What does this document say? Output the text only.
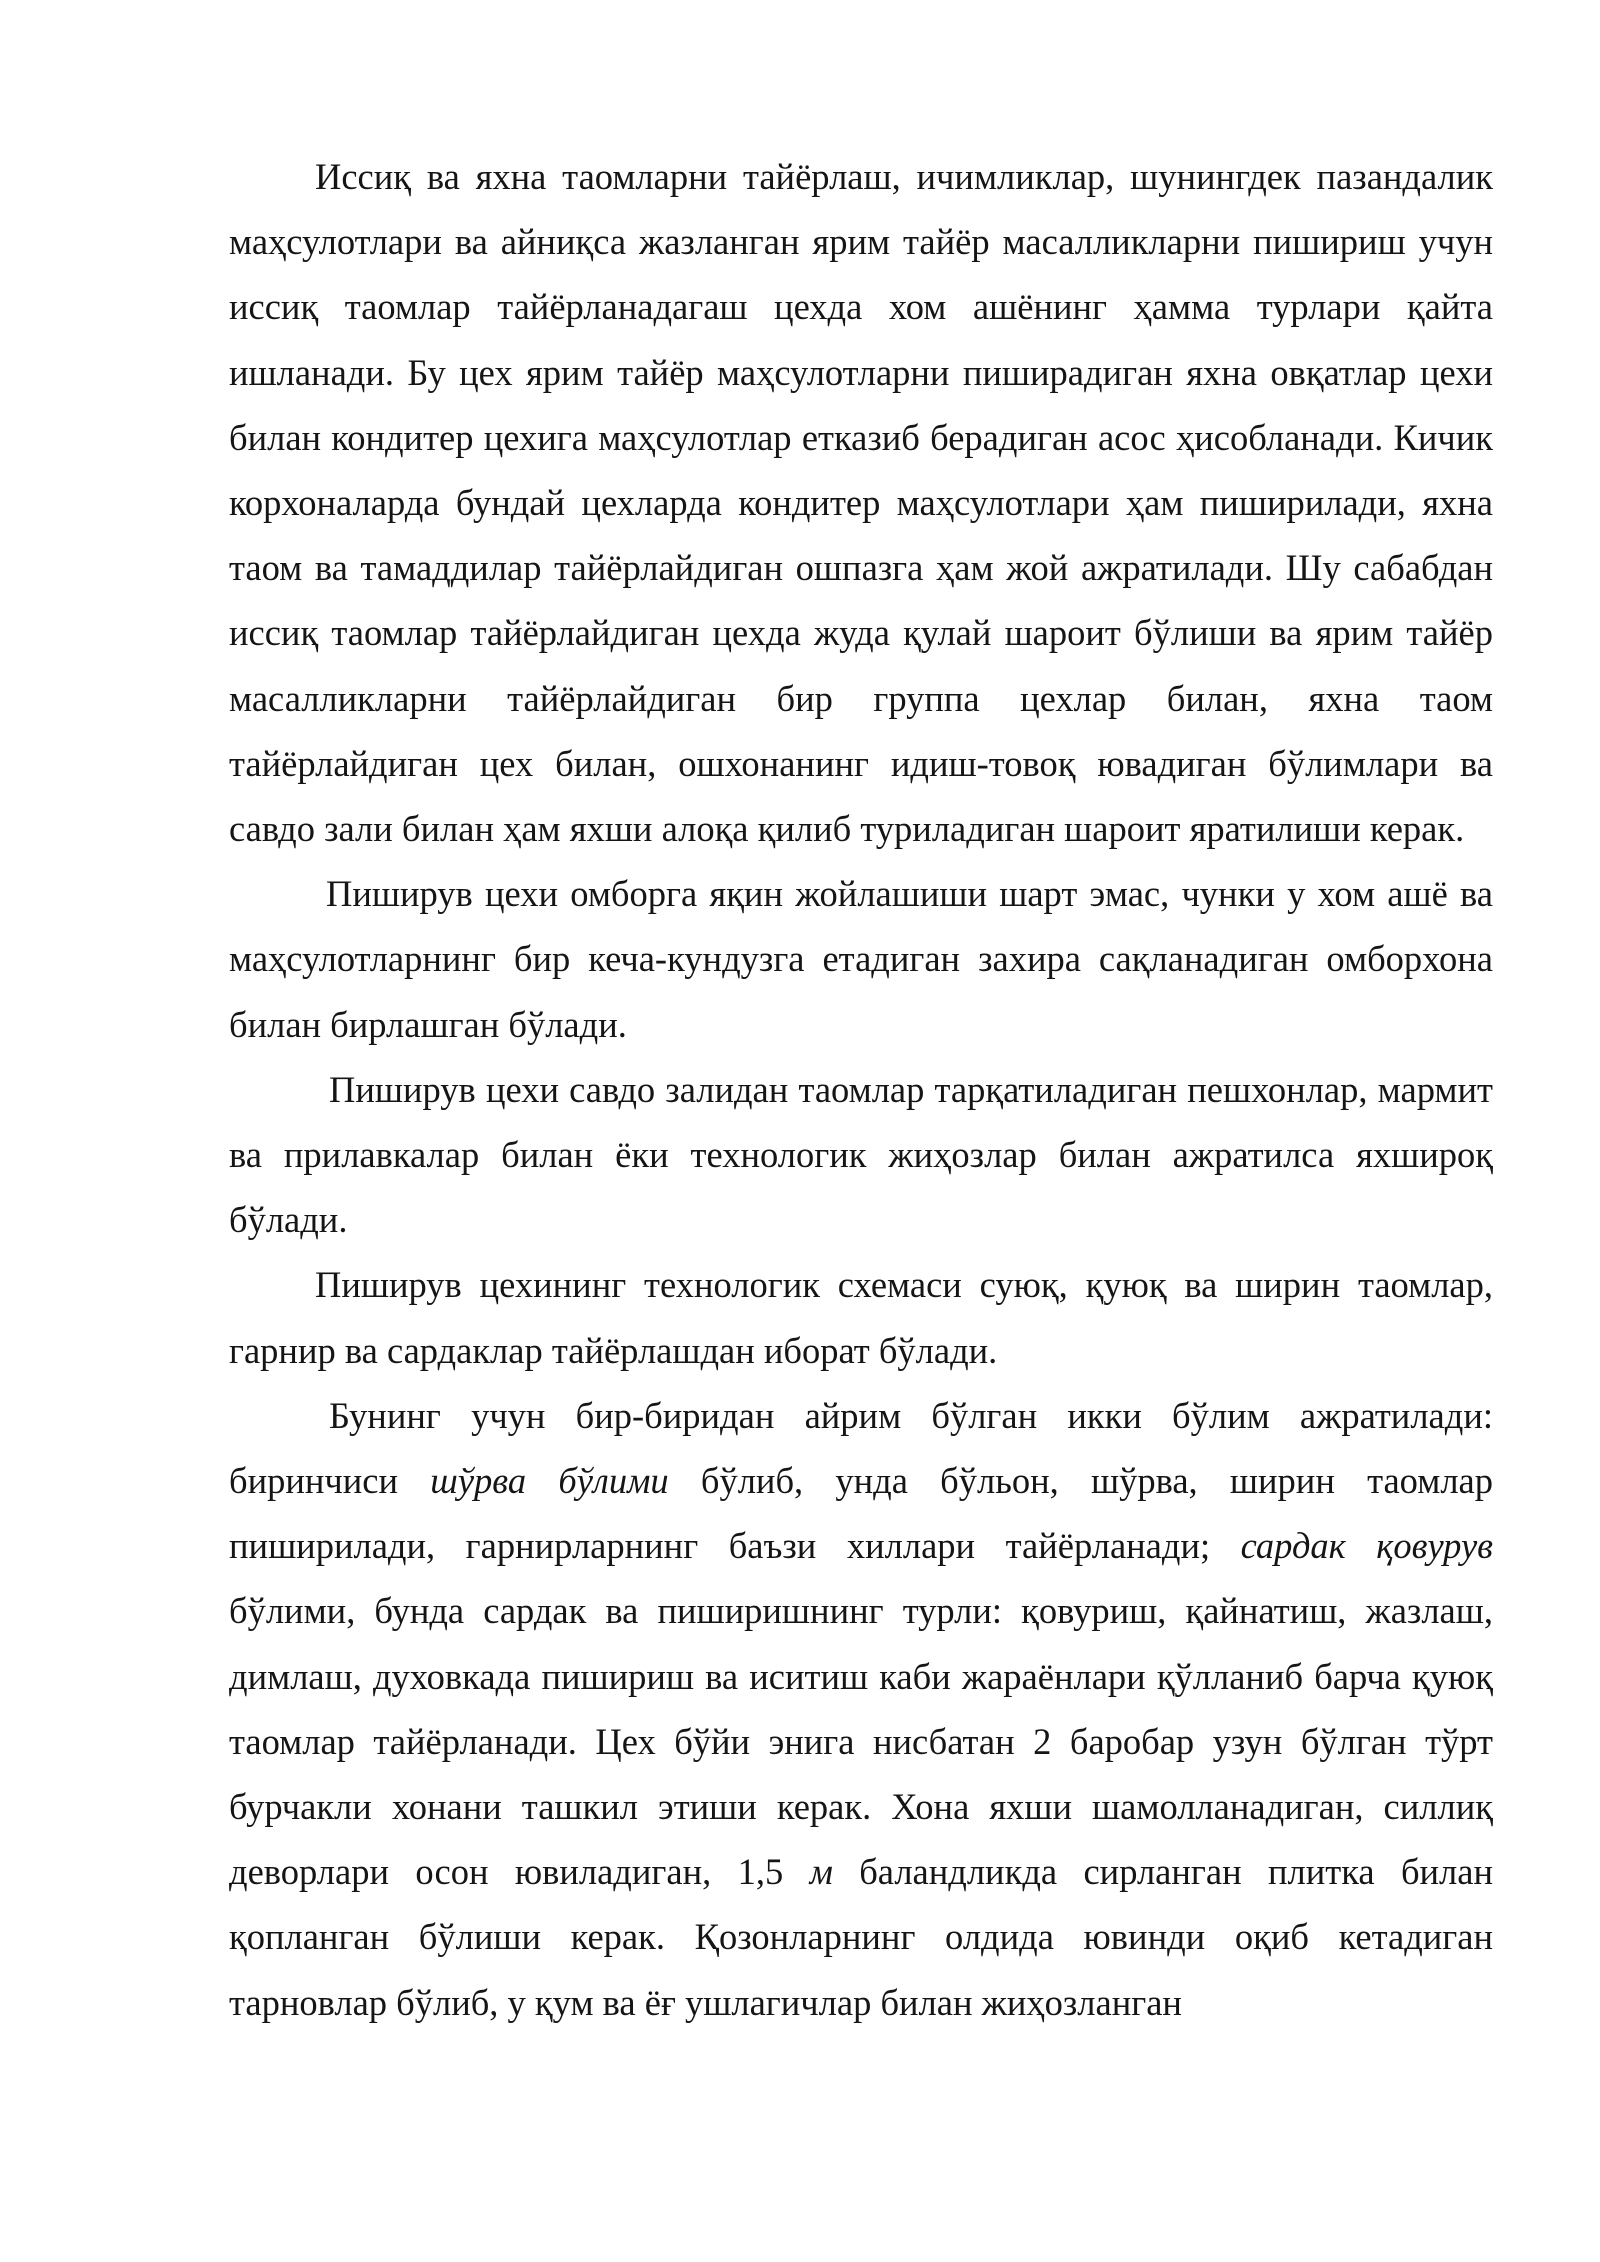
Иссиқ ва яхна таомларни тайёрлаш, ичимликлар, шунингдек пазандалик маҳсулотлари ва айниқса жазланган ярим тайёр масалликларни пишириш учун иссиқ таомлар тайёрланадагаш цехда хом ашёнинг ҳамма турлари қайта ишланади. Бу цех ярим тайёр маҳсулотларни пиширадиган яхна овқатлар цехи билан кондитер цехига маҳсулотлар етказиб берадиган асос ҳисобланади. Кичик корхоналарда бундай цехларда кондитер маҳсулотлари ҳам пиширилади, яхна таом ва тамаддилар тайёрлайдиган ошпазга ҳам жой ажратилади. Шу сабабдан иссиқ таомлар тайёрлайдиган цехда жуда қулай шароит бўлиши ва ярим тайёр масалликларни тайёрлайдиган бир группа цехлар билан, яхна таом тайёрлайдиган цех билан, ошхонанинг идиш-товоқ ювадиган бўлимлари ва савдо зали билан ҳам яхши алоқа қилиб туриладиган шароит яратилиши керак.

Пиширув цехи омборга яқин жойлашиши шарт эмас, чунки у хом ашё ва маҳсулотларнинг бир кеча-кундузга етадиган захира сақланадиган омборхона билан бирлашган бўлади.

Пиширув цехи савдо залидан таомлар тарқатиладиган пешхонлар, мармит ва прилавкалар билан ёки технологик жиҳозлар билан ажратилса яхшироқ бўлади.

Пиширув цехининг технологик схемаси суюқ, қуюқ ва ширин таомлар, гарнир ва сардаклар тайёрлашдан иборат бўлади.

Бунинг учун бир-биридан айрим бўлган икки бўлим ажратилади: биринчиси шўрва бўлими бўлиб, унда бўльон, шўрва, ширин таомлар пиширилади, гарнирларнинг баъзи хиллари тайёрланади; сардак қовурув бўлими, бунда сардак ва пиширишнинг турли: қовуриш, қайнатиш, жазлаш, димлаш, духовкада пишириш ва иситиш каби жараёнлари қўлланиб барча қуюқ таомлар тайёрланади. Цех бўйи энига нисбатан 2 баробар узун бўлган тўрт бурчакли хонани ташкил этиши керак. Хона яхши шамолланадиган, силлиқ деворлари осон ювиладиган, 1,5 м баландликда сирланган плитка билан қопланган бўлиши керак. Қозонларнинг олдида ювинди оқиб кетадиган тарновлар бўлиб, у қум ва ёғ ушлагичлар билан жиҳозланган
